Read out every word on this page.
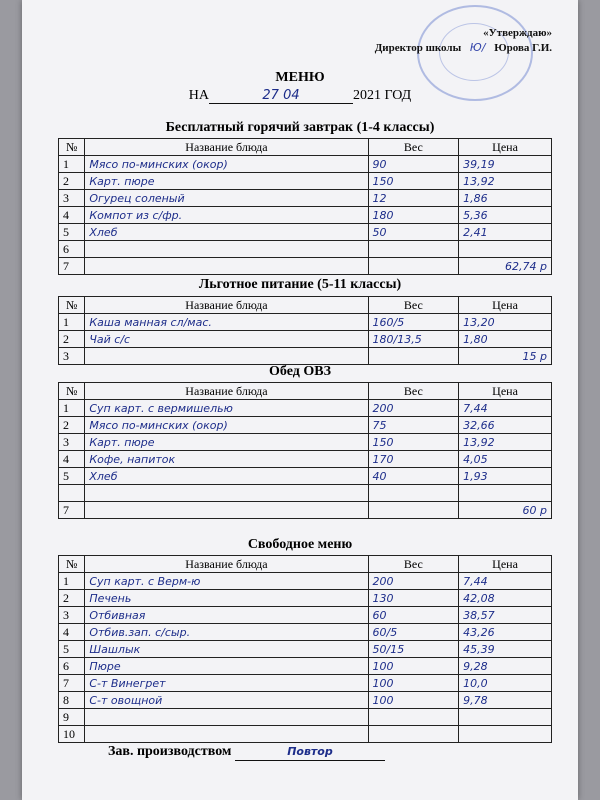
«Утверждаю»
Директор школы Ю/ Юрова Г.И.
МЕНЮ
НА	27 04	2021 ГОД
Бесплатный горячий завтрак (1-4 классы)
№	Название блюда	Вес	Цена
1	Мясо по-минских (окор)	90	39,19
2	Карт. пюре	150	13,92
3	Огурец соленый	12	1,86
4	Компот из с/фр.	180	5,36
5	Хлеб	50	2,41
6			
7			62,74 р
Льготное питание (5-11 классы)
№	Название блюда	Вес	Цена
1	Каша манная сл/мас.	160/5	13,20
2	Чай с/с	180/13,5	1,80
3			15 р
Обед ОВЗ
№	Название блюда	Вес	Цена
1	Суп карт. с вермишелью	200	7,44
2	Мясо по-минских (окор)	75	32,66
3	Карт. пюре	150	13,92
4	Кофе, напиток	170	4,05
5	Хлеб	40	1,93

7			60 р
Свободное меню
№	Название блюда	Вес	Цена
1	Суп карт. с Верм-ю	200	7,44
2	Печень	130	42,08
3	Отбивная	60	38,57
4	Отбив.зап. с/сыр.	60/5	43,26
5	Шашлык	50/15	45,39
6	Пюре	100	9,28
7	С-т Винегрет	100	10,0
8	С-т овощной	100	9,78
9			
10			
Зав. производством	Повтор
